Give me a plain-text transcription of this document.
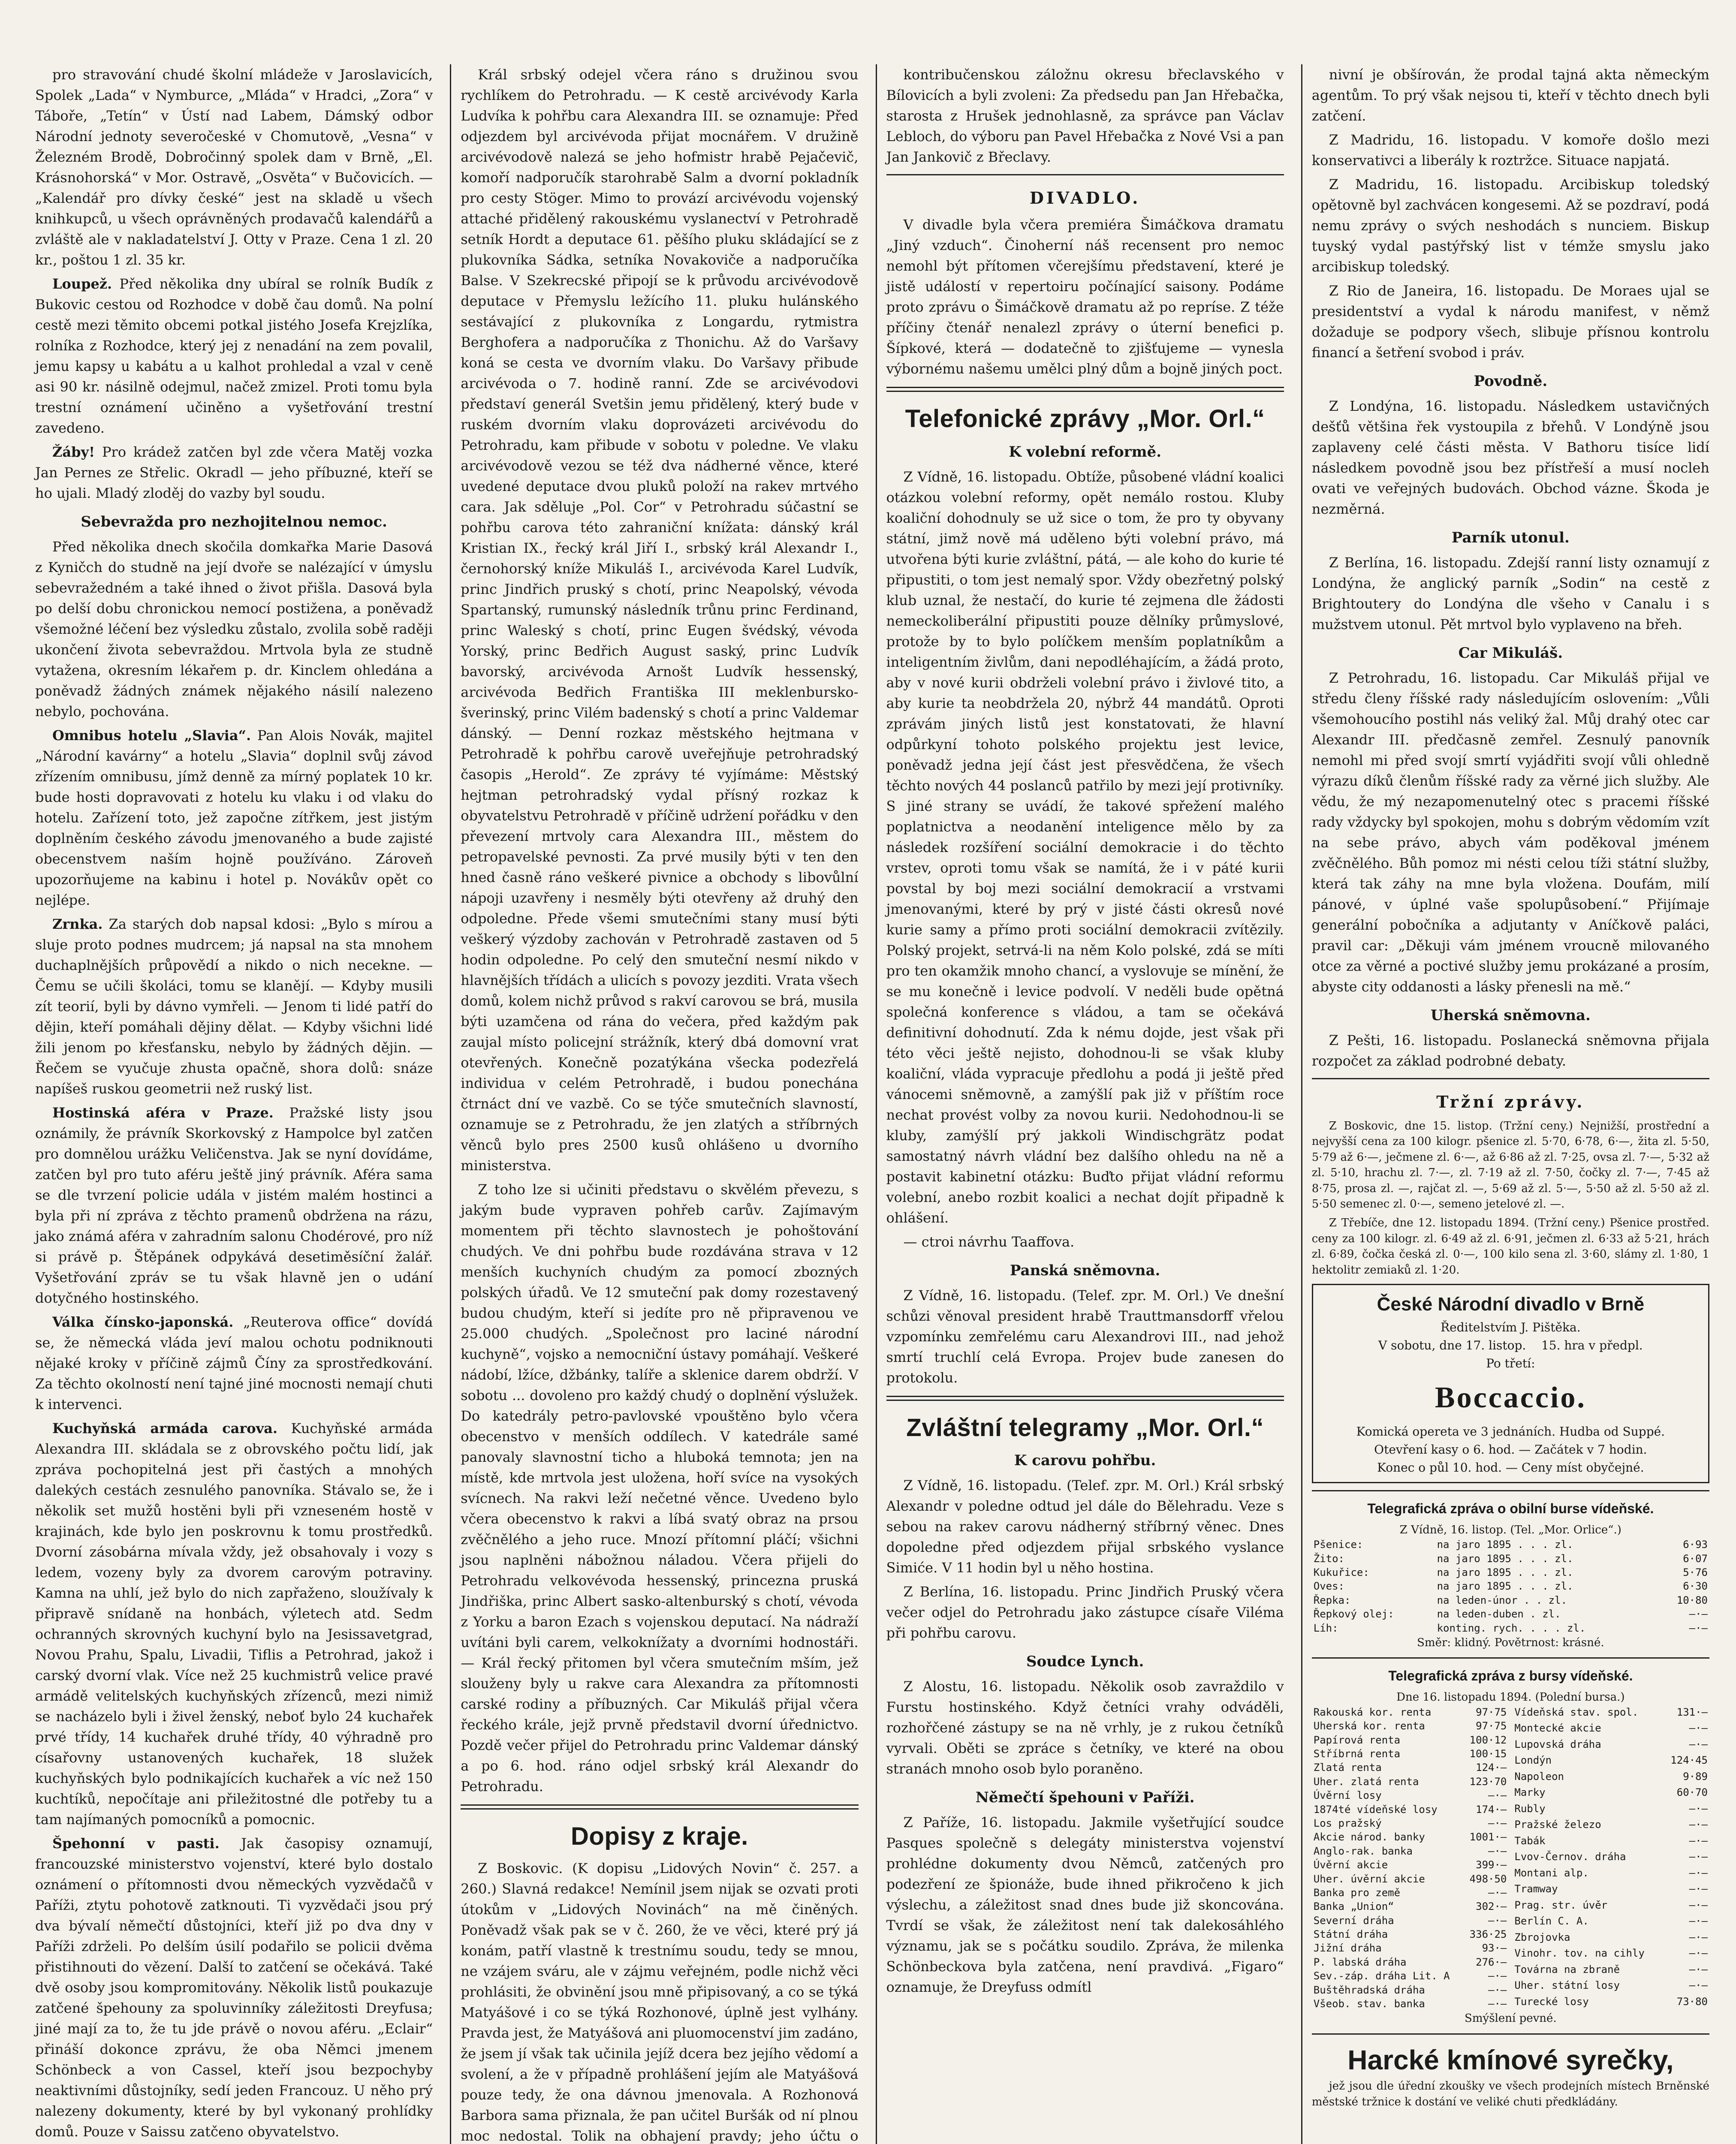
pro stravování chudé školní mládeže v Jaroslavicích, Spolek „Lada“ v Nymburce, „Mláda“ v Hradci, „Zora“ v Táboře, „Tetín“ v Ústí nad Labem, Dámský odbor Národní jednoty severočeské v Chomutově, „Vesna“ v Železném Brodě, Dobročinný spolek dam v Brně, „El. Krásnohorská“ v Mor. Ostravě, „Osvěta“ v Bučovicích. — „Kalendář pro dívky české“ jest na skladě u všech knihkupců, u všech oprávněných prodavačů kalendářů a zvláště ale v nakladatelství J. Otty v Praze. Cena 1 zl. 20 kr., poštou 1 zl. 35 kr.

Loupež. Před několika dny ubíral se rolník Budík z Bukovic cestou od Rozhodce v době čau domů. Na polní cestě mezi těmito obcemi potkal jistého Josefa Krejzlíka, rolníka z Rozhodce, který jej z nenadání na zem povalil, jemu kapsy u kabátu a u kalhot prohledal a vzal v ceně asi 90 kr. násilně odejmul, načež zmizel. Proti tomu byla trestní oznámení učiněno a vyšetřování trestní zavedeno.

Žáby! Pro krádež zatčen byl zde včera Matěj vozka Jan Pernes ze Střelic. Okradl — jeho příbuzné, kteří se ho ujali. Mladý zloděj do vazby byl soudu.

Sebevražda pro nezhojitelnou nemoc.

Před několika dnech skočila domkařka Marie Dasová z Kyničch do studně na její dvoře se nalézající v úmyslu sebevražedném a také ihned o život přišla. Dasová byla po delší dobu chronickou nemocí postižena, a poněvadž všemožné léčení bez výsledku zůstalo, zvolila sobě raději ukončení života sebevraždou. Mrtvola byla ze studně vytažena, okresním lékařem p. dr. Kinclem ohledána a poněvadž žádných známek nějakého násilí nalezeno nebylo, pochována.

Omnibus hotelu „Slavia“. Pan Alois Novák, majitel „Národní kavárny“ a hotelu „Slavia“ doplnil svůj závod zřízením omnibusu, jímž denně za mírný poplatek 10 kr. bude hosti dopravovati z hotelu ku vlaku i od vlaku do hotelu. Zařízení toto, jež započne zítřkem, jest jistým doplněním českého závodu jmenovaného a bude zajisté obecenstvem naším hojně používáno. Zároveň upozorňujeme na kabinu i hotel p. Novákův opět co nejlépe.

Zrnka. Za starých dob napsal kdosi: „Bylo s mírou a sluje proto podnes mudrcem; já napsal na sta mnohem duchaplnějších průpovědí a nikdo o nich necekne. — Čemu se učili školáci, tomu se klanějí. — Kdyby musili zít teorií, byli by dávno vymřeli. — Jenom ti lidé patří do dějin, kteří pomáhali dějiny dělat. — Kdyby všichni lidé žili jenom po křesťansku, nebylo by žádných dějin. — Řečem se vyučuje zhusta opačně, shora dolů: snáze napíšeš ruskou geometrii než ruský list.

Hostinská aféra v Praze. Pražské listy jsou oznámily, že právník Skorkovský z Hampolce byl zatčen pro domnělou urážku Veličenstva. Jak se nyní dovídáme, zatčen byl pro tuto aféru ještě jiný právník. Aféra sama se dle tvrzení policie udála v jistém malém hostinci a byla při ní zpráva z těchto pramenů obdržena na rázu, jako známá aféra v zahradním salonu Chodérové, pro níž si právě p. Štěpánek odpykává desetiměsíční žalář. Vyšetřování zpráv se tu však hlavně jen o udání dotyčného hostinského.

Válka čínsko-japonská. „Reuterova office“ dovídá se, že německá vláda jeví malou ochotu podniknouti nějaké kroky v příčině zájmů Číny za sprostředkování. Za těchto okolností není tajné jiné mocnosti nemají chuti k intervenci.

Kuchyňská armáda carova. Kuchyňské armáda Alexandra III. skládala se z obrovského počtu lidí, jak zpráva pochopitelná jest při častých a mnohých dalekých cestách zesnulého panovníka. Stávalo se, že i několik set mužů hostěni byli při vzneseném hostě v krajinách, kde bylo jen poskrovnu k tomu prostředků. Dvorní zásobárna mívala vždy, jež obsahovaly i vozy s ledem, vozeny byly za dvorem carovým potraviny. Kamna na uhlí, jež bylo do nich zapřaženo, sloužívaly k připravě snídaně na honbách, výletech atd. Sedm ochranných skrovných kuchyní bylo na Jesissavetgrad, Novou Prahu, Spalu, Livadii, Tiflis a Petrohrad, jakož i carský dvorní vlak. Více než 25 kuchmistrů velice pravé armádě velitelských kuchyňských zřízenců, mezi nimiž se nacházelo byli i živel ženský, neboť bylo 24 kuchařek prvé třídy, 14 kuchařek druhé třídy, 40 výhradně pro císařovny ustanovených kuchařek, 18 služek kuchyňských bylo podnikajících kuchařek a víc než 150 kuchtíků, nepočítaje ani přiležitostné dle potřeby tu a tam najímaných pomocníků a pomocnic.

Špehonní v pasti. Jak časopisy oznamují, francouzské ministerstvo vojenství, které bylo dostalo oznámení o přítomnosti dvou německých vyzvědačů v Paříži, ztytu pohotově zatknouti. Ti vyzvědači jsou prý dva bývalí němečtí důstojníci, kteří již po dva dny v Paříži zdrželi. Po delším úsilí podařilo se policii dvěma přistihnouti do vězení. Další to zatčení se očekává. Také dvě osoby jsou kompromitovány. Několik listů poukazuje zatčené špehouny za spoluvinníky záležitosti Dreyfusa; jiné mají za to, že tu jde právě o novou aféru. „Eclair“ přináší dokonce zprávu, že oba Němci jmenem Schönbeck a von Cassel, kteří jsou bezpochyby neaktivními důstojníky, sedí jeden Francouz. U něho prý nalezeny dokumenty, které by byl vykonaný prohlídky domů. Pouze v Saissu zatčeno obyvatelstvo.

Král srbský odejel včera ráno s družinou svou rychlíkem do Petrohradu. — K cestě arcivévody Karla Ludvíka k pohřbu cara Alexandra III. se oznamuje: Před odjezdem byl arcivévoda přijat mocnářem. V družině arcivévodově nalezá se jeho hofmistr hrabě Pejačevič, komoří nadporučík starohrabě Salm a dvorní pokladník pro cesty Stöger. Mimo to provází arcivévodu vojenský attaché přidělený rakouskému vyslanectví v Petrohradě setník Hordt a deputace 61. pěšího pluku skládající se z plukovníka Sádka, setníka Novakoviče a nadporučíka Balse. V Szekrecské připojí se k průvodu arcivévodově deputace v Přemyslu ležícího 11. pluku hulánského sestávající z plukovníka z Longardu, rytmistra Berghofera a nadporučíka z Thonichu. Až do Varšavy koná se cesta ve dvorním vlaku. Do Varšavy přibude arcivévoda o 7. hodině ranní. Zde se arcivévodovi představí generál Svetšin jemu přidělený, který bude v ruském dvorním vlaku doprovázeti arcivévodu do Petrohradu, kam přibude v sobotu v poledne. Ve vlaku arcivévodově vezou se též dva nádherné věnce, které uvedené deputace dvou pluků položí na rakev mrtvého cara. Jak sděluje „Pol. Cor“ v Petrohradu súčastní se pohřbu carova této zahraniční knížata: dánský král Kristian IX., řecký král Jiří I., srbský král Alexandr I., černohorský kníže Mikuláš I., arcivévoda Karel Ludvík, princ Jindřich pruský s chotí, princ Neapolský, vévoda Spartanský, rumunský následník trůnu princ Ferdinand, princ Waleský s chotí, princ Eugen švédský, vévoda Yorský, princ Bedřich August saský, princ Ludvík bavorský, arcivévoda Arnošt Ludvík hessenský, arcivévoda Bedřich Františka III meklenbursko-šverinský, princ Vilém badenský s chotí a princ Valdemar dánský. — Denní rozkaz městského hejtmana v Petrohradě k pohřbu carově uveřejňuje petrohradský časopis „Herold“. Ze zprávy té vyjímáme: Městský hejtman petrohradský vydal přísný rozkaz k obyvatelstvu Petrohradě v příčině udržení pořádku v den převezení mrtvoly cara Alexandra III., městem do petropavelské pevnosti. Za prvé musily býti v ten den hned časně ráno veškeré pivnice a obchody s libovůlní nápoji uzavřeny i nesměly býti otevřeny až druhý den odpoledne. Přede všemi smutečními stany musí býti veškerý výzdoby zachován v Petrohradě zastaven od 5 hodin odpoledne. Po celý den smuteční nesmí nikdo v hlavnějších třídách a ulicích s povozy jezditi. Vrata všech domů, kolem nichž průvod s rakví carovou se brá, musila býti uzamčena od rána do večera, před každým pak zaujal místo policejní strážník, který dbá domovní vrat otevřených. Konečně pozatýkána všecka podezřelá individua v celém Petrohradě, i budou ponechána čtrnáct dní ve vazbě. Co se týče smutečních slavností, oznamuje se z Petrohradu, že jen zlatých a stříbrných věnců bylo pres 2500 kusů ohlášeno u dvorního ministerstva.

Z toho lze si učiniti představu o skvělém převezu, s jakým bude vypraven pohřeb carův. Zajímavým momentem při těchto slavnostech je pohoštování chudých. Ve dni pohřbu bude rozdávána strava v 12 menších kuchyních chudým za pomocí zbozných polských úřadů. Ve 12 smuteční pak domy rozestavený budou chudým, kteří si jedíte pro ně připravenou ve 25.000 chudých. „Společnost pro laciné národní kuchyně“, vojsko a nemocniční ústavy pomáhají. Veškeré nádobí, lžíce, džbánky, talíře a sklenice darem obdrží. V sobotu ... dovoleno pro každý chudý o doplnění výslužek. Do katedrály petro-pavlovské vpouštěno bylo včera obecenstvo v menších oddílech. V katedrále samé panovaly slavnostní ticho a hluboká temnota; jen na místě, kde mrtvola jest uložena, hoří svíce na vysokých svícnech. Na rakvi leží nečetné věnce. Uvedeno bylo včera obecenstvo k rakvi a líbá svatý obraz na prsou zvěčnělého a jeho ruce. Mnozí přítomní pláčí; všichni jsou naplněni nábožnou náladou. Včera přijeli do Petrohradu velkovévoda hessenský, princezna pruská Jindřiška, princ Albert sasko-altenburský s chotí, vévoda z Yorku a baron Ezach s vojenskou deputací. Na nádraží uvítáni byli carem, velkoknížaty a dvorními hodnostáři. — Král řecký přitomen byl včera smutečním mším, jež slouženy byly u rakve cara Alexandra za přítomnosti carské rodiny a příbuzných. Car Mikuláš přijal včera řeckého krále, jejž prvně představil dvorní úřednictvo. Pozdě večer přijel do Petrohradu princ Valdemar dánský a po 6. hod. ráno odjel srbský král Alexandr do Petrohradu.

Dopisy z kraje.

Z Boskovic. (K dopisu „Lidových Novin“ č. 257. a 260.) Slavná redakce! Nemínil jsem nijak se ozvati proti útokům v „Lidových Novinách“ na mě činěných. Poněvadž však pak se v č. 260, že ve věci, které prý já konám, patří vlastně k trestnímu soudu, tedy se mnou, ne vzájem sváru, ale v zájmu veřejném, podle nichž věci prohlásiti, že obvinění jsou mně připisovaný, a co se týká Matyášové i co se týká Rozhonové, úplně jest vylhány. Pravda jest, že Matyášová ani pluomocenství jim zadáno, že jsem jí však tak učinila jejíž dcera bez jejího vědomí a svolení, a že v případně prohlášení jejím ale Matyášová pouze tedy, že ona dávnou jmenovala. A Rozhonová Barbora sama přiznala, že pan učitel Buršák od ní plnou moc nedostal. Tolik na obhajení pravdy; jeho účtu o

kontribučenskou záložnu okresu břeclavského v Bílovicích a byli zvoleni: Za předsedu pan Jan Hřebačka, starosta z Hrušek jednohlasně, za správce pan Václav Lebloch, do výboru pan Pavel Hřebačka z Nové Vsi a pan Jan Jankovič z Břeclavy.

DIVADLO.

V divadle byla včera premiéra Šimáčkova dramatu „Jiný vzduch“. Činoherní náš recensent pro nemoc nemohl být přítomen včerejšímu představení, které je jistě událostí v repertoiru počínající saisony. Podáme proto zprávu o Šimáčkově dramatu až po repríse. Z téže příčiny čtenář nenalezl zprávy o úterní benefici p. Šípkové, která — dodatečně to zjišťujeme — vynesla výbornému našemu umělci plný dům a bojně jiných poct.

Telefonické zprávy „Mor. Orl.“
K volební reformě.

Z Vídně, 16. listopadu. Obtíže, působené vládní koalici otázkou volební reformy, opět nemálo rostou. Kluby koaliční dohodnuly se už sice o tom, že pro ty obyvany státní, jimž nově má uděleno býti volební právo, má utvořena býti kurie zvláštní, pátá, — ale koho do kurie té připustiti, o tom jest nemalý spor. Vždy obezřetný polský klub uznal, že nestačí, do kurie té zejmena dle žádosti nemeckoliberální připustiti pouze dělníky průmyslové, protože by to bylo políčkem menším poplatníkům a inteligentním živlům, dani nepodléhajícím, a žádá proto, aby v nové kurii obdrželi volební právo i živlové tito, a aby kurie ta neobdržela 20, nýbrž 44 mandátů. Oproti zprávám jiných listů jest konstatovati, že hlavní odpůrkyní tohoto polského projektu jest levice, poněvadž jedna její část jest přesvědčena, že všech těchto nových 44 poslanců patřilo by mezi její protivníky. S jiné strany se uvádí, že takové spřežení malého poplatnictva a neodanění inteligence mělo by za následek rozšíření sociální demokracie i do těchto vrstev, oproti tomu však se namítá, že i v páté kurii povstal by boj mezi sociální demokracií a vrstvami jmenovanými, které by prý v jisté části okresů nové kurie samy a přímo proti sociální demokracii zvítězily. Polský projekt, setrvá-li na něm Kolo polské, zdá se míti pro ten okamžik mnoho chancí, a vyslovuje se mínění, že se mu konečně i levice podvolí. V neděli bude opětná společná konference s vládou, a tam se očekává definitivní dohodnutí. Zda k nému dojde, jest však při této věci ještě nejisto, dohodnou-li se však kluby koaliční, vláda vypracuje předlohu a podá ji ještě před vánocemi sněmovně, a zamýšlí pak již v příštím roce nechat provést volby za novou kurii. Nedohodnou-li se kluby, zamýšlí prý jakkoli Windischgrätz podat samostatný návrh vládní bez dalšího ohledu na ně a postavit kabinetní otázku: Buďto přijat vládní reformu volební, anebo rozbit koalici a nechat dojít připadně k ohlášení.

— ctroi návrhu Taaffova.

Panská sněmovna.

Z Vídně, 16. listopadu. (Telef. zpr. M. Orl.) Ve dnešní schůzi věnoval president hrabě Trauttmansdorff vřelou vzpomínku zemřelému caru Alexandrovi III., nad jehož smrtí truchlí celá Evropa. Projev bude zanesen do protokolu.

Zvláštní telegramy „Mor. Orl.“
K carovu pohřbu.

Z Vídně, 16. listopadu. (Telef. zpr. M. Orl.) Král srbský Alexandr v poledne odtud jel dále do Bělehradu. Veze s sebou na rakev carovu nádherný stříbrný věnec. Dnes dopoledne před odjezdem přijal srbského vyslance Simiće. V 11 hodin byl u něho hostina.

Z Berlína, 16. listopadu. Princ Jindřich Pruský včera večer odjel do Petrohradu jako zástupce císaře Viléma při pohřbu carovu.

Soudce Lynch.

Z Alostu, 16. listopadu. Několik osob zavraždilo v Furstu hostinského. Když četníci vrahy odváděli, rozhořčené zástupy se na ně vrhly, je z rukou četníků vyrvali. Oběti se zpráce s četníky, ve které na obou stranách mnoho osob bylo poraněno.

Němečtí špehouni v Paříži.

Z Paříže, 16. listopadu. Jakmile vyšetřující soudce Pasques společně s delegáty ministerstva vojenství prohlédne dokumenty dvou Němců, zatčených pro podezření ze špionáže, bude ihned přikročeno k jich výslechu, a záležitost snad dnes bude již skoncována. Tvrdí se však, že záležitost není tak dalekosáhlého významu, jak se s počátku soudilo. Zpráva, že milenka Schönbeckova byla zatčena, není pravdivá. „Figaro“ oznamuje, že Dreyfuss odmítl

nivní je obšírován, že prodal tajná akta německým agentům. To prý však nejsou ti, kteří v těchto dnech byli zatčení.

Z Madridu, 16. listopadu. V komoře došlo mezi konservativci a liberály k roztržce. Situace napjatá.

Z Madridu, 16. listopadu. Arcibiskup toledský opětovně byl zachvácen kongesemi. Až se pozdraví, podá nemu zprávy o svých neshodách s nunciem. Biskup tuyský vydal pastýřský list v témže smyslu jako arcibiskup toledský.

Z Rio de Janeira, 16. listopadu. De Moraes ujal se presidentství a vydal k národu manifest, v němž dožaduje se podpory všech, slibuje přísnou kontrolu financí a šetření svobod i práv.

Povodně.

Z Londýna, 16. listopadu. Následkem ustavičných dešťů většina řek vystoupila z břehů. V Londýně jsou zaplaveny celé části města. V Bathoru tisíce lidí následkem povodně jsou bez přístřeší a musí nocleh ovati ve veřejných budovách. Obchod vázne. Škoda je nezměrná.

Parník utonul.

Z Berlína, 16. listopadu. Zdejší ranní listy oznamují z Londýna, že anglický parník „Sodin“ na cestě z Brightoutery do Londýna dle všeho v Canalu i s mužstvem utonul. Pět mrtvol bylo vyplaveno na břeh.

Car Mikuláš.

Z Petrohradu, 16. listopadu. Car Mikuláš přijal ve středu členy říšské rady následujícím oslovením: „Vůli všemohoucího postihl nás veliký žal. Můj drahý otec car Alexandr III. předčasně zemřel. Zesnulý panovník nemohl mi před svojí smrtí vyjádřiti svojí vůli ohledně výrazu díků členům říšské rady za věrné jich služby. Ale vědu, že mý nezapomenutelný otec s pracemi říšské rady vždycky byl spokojen, mohu s dobrým vědomím vzít na sebe právo, abych vám poděkoval jménem zvěčnělého. Bůh pomoz mi nésti celou tíži státní služby, která tak záhy na mne byla vložena. Doufám, milí pánové, v úplné vaše spolupůsobení.“ Přijímaje generální pobočníka a adjutanty v Aníčkově paláci, pravil car: „Děkuji vám jménem vroucně milovaného otce za věrné a poctivé služby jemu prokázané a prosím, abyste city oddanosti a lásky přenesli na mě.“

Uherská sněmovna.

Z Pešti, 16. listopadu. Poslanecká sněmovna přijala rozpočet za základ podrobné debaty.

Tržní zprávy.

Z Boskovic, dne 15. listop. (Tržní ceny.) Nejnižší, prostřední a nejvyšší cena za 100 kilogr. pšenice zl. 5·70, 6·78, 6·—, žita zl. 5·50, 5·79 až 6·—, ječmene zl. 6·—, až 6·86 až zl. 7·25, ovsa zl. 7·—, 5·32 až zl. 5·10, hrachu zl. 7·—, zl. 7·19 až zl. 7·50, čočky zl. 7·—, 7·45 až 8·75, prosa zl. —, rajčat zl. —, 5·69 až zl. 5·—, 5·50 až zl. 5·50 až zl. 5·50 semenec zl. 0·—, semeno jetelové zl. —.

Z Třebíče, dne 12. listopadu 1894. (Tržní ceny.) Pšenice prostřed. ceny za 100 kilogr. zl. 6·49 až zl. 6·91, ječmen zl. 6·33 až 5·21, hrách zl. 6·89, čočka česká zl. 0·—, 100 kilo sena zl. 3·60, slámy zl. 1·80, 1 hektolitr zemiaků zl. 1·20.

České Národní divadlo v Brně
Ředitelstvím J. Pištěka.
V sobotu, dne 17. listop. 15. hra v předpl.
Po třetí:
Boccaccio.
Komická opereta ve 3 jednáních. Hudba od Suppé.
Otevření kasy o 6. hod. — Začátek v 7 hodin.
Konec o půl 10. hod. — Ceny míst obyčejné.
Telegrafická zpráva o obilní burse vídeňské.
Z Vídně, 16. listop. (Tel. „Mor. Orlice“.)
Pšenice:	na jaro 1895 . . . zl.	6·93
Žito:	na jaro 1895 . . . zl.	6·07
Kukuřice:	na jaro 1895 . . . zl.	5·76
Oves:	na jaro 1895 . . . zl.	6·30
Řepka:	na leden-únor . . zl.	10·80
Řepkový olej:	na leden-duben . zl.	—·—
Líh:	konting. rych. . . . zl.	—·—
Směr: klidný. Povětrnost: krásné.
Telegrafická zpráva z bursy vídeňské.
Dne 16. listopadu 1894. (Polední bursa.)
Rakouská kor. renta	97·75
Uherská kor. renta	97·75
Papírová renta	100·12
Stříbrná renta	100·15
Zlatá renta	124·—
Uher. zlatá renta	123·70
Úvěrní losy	—·—
1874té vídeňské losy	174·—
Los pražský	—·—
Akcie národ. banky	1001·—
Anglo-rak. banka	—·—
Úvěrní akcie	399·—
Uher. úvěrní akcie	498·50
Banka pro země	—·—
Banka „Union“	302·—
Severní dráha	—·—
Státní dráha	336·25
Jižní dráha	93·—
P. labská dráha	276·—
Sev.-záp. dráha Lit. A	—·—
Buštěhradská dráha	—·—
Všeob. stav. banka	—·—
Vídeňská stav. spol.	131·—
Montecké akcie	—·—
Lupovská dráha	—·—
Londýn	124·45
Napoleon	9·89
Marky	60·70
Rubly	—·—
Pražské železo	—·—
Tabák	—·—
Lvov-Černov. dráha	—·—
Montani alp.	—·—
Tramway	—·—
Prag. str. úvěr	—·—
Berlín C. A.	—·—
Zbrojovka	—·—
Vinohr. tov. na cihly	—·—
Továrna na zbraně	—·—
Uher. státní losy	—·—
Turecké losy	73·80
Smýšlení pevné.
Harcké kmínové syrečky,

jež jsou dle úřední zkoušky ve všech prodejních místech Brněnské městské tržnice k dostání ve veliké chuti předkládány.
